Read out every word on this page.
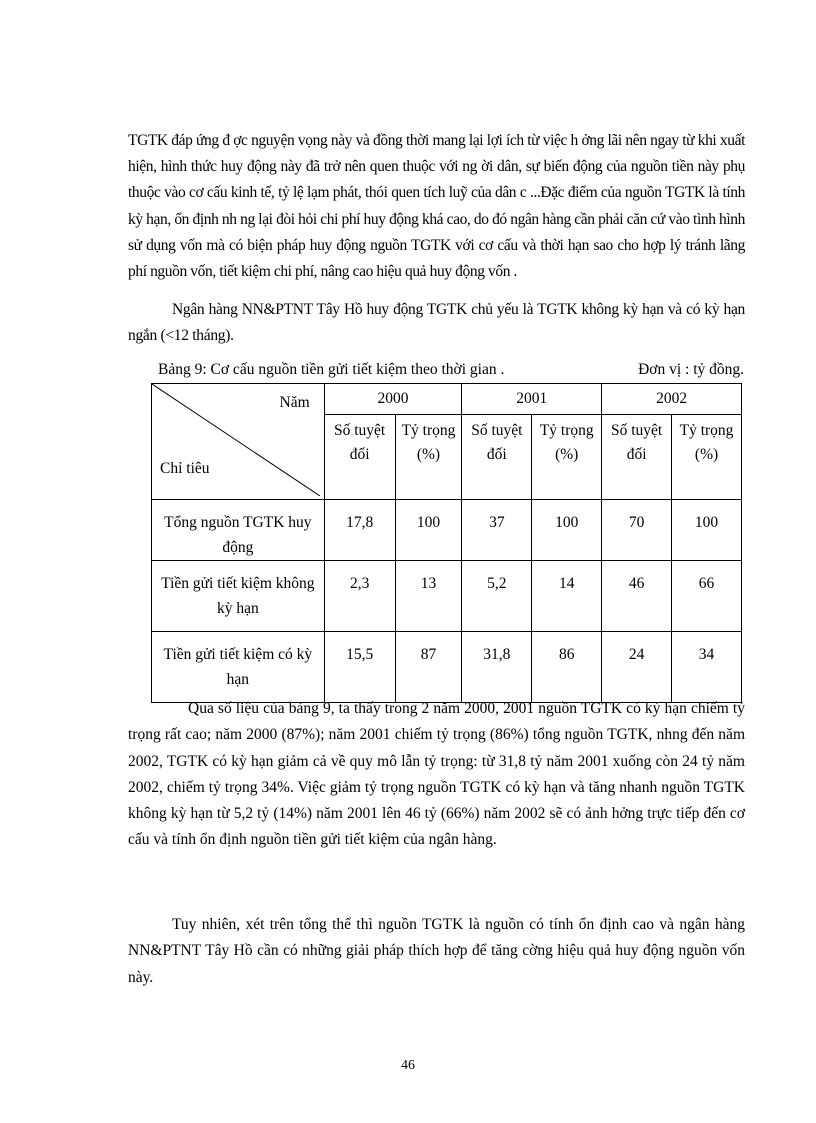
TGTK đáp ứng đ ợc nguyện vọng này và đồng thời mang lại lợi ích từ việc h ởng lãi nên ngay từ khi xuất hiện, hình thức huy động này đã trở nên quen thuộc với ng ời dân, sự biến động của nguồn tiền này phụ thuộc vào cơ cấu kinh tế, tỷ lệ lạm phát, thói quen tích luỹ của dân c ...Đặc điểm của nguồn TGTK là tính kỳ hạn, ổn định nh ng lại đòi hỏi chi phí huy động khá cao, do đó ngân hàng cần phải căn cứ vào tình hình sử dụng vốn mà có biện pháp huy động nguồn TGTK với cơ cấu và thời hạn sao cho hợp lý tránh lãng phí nguồn vốn, tiết kiệm chi phí, nâng cao hiệu quả huy động vốn .

Ngân hàng NN&PTNT Tây Hồ huy động TGTK chủ yếu là TGTK không kỳ hạn và có kỳ hạn ngắn (<12 tháng).

Bảng 9: Cơ cấu nguồn tiền gửi tiết kiệm theo thời gian .	Đơn vị : tỷ đồng.
Năm
Chỉ tiêu	2000		2001		2002	
	Số tuyệt đối	Tỷ trọng (%)	Số tuyệt đối	Tỷ trọng (%)	Số tuyệt đối	Tỷ trọng (%)
Tổng nguồn TGTK huy động	17,8	100	37	100	70	100
Tiền gửi tiết kiệm không kỳ hạn	2,3	13	5,2	14	46	66
Tiền gửi tiết kiệm có kỳ hạn	15,5	87	31,8	86	24	34

Qua số liệu của bảng 9, ta thấy trong 2 năm 2000, 2001 nguồn TGTK có kỳ hạn chiếm tỷ trọng rất cao; năm 2000 (87%); năm 2001 chiếm tỷ trọng (86%) tổng nguồn TGTK, nhng đến năm 2002, TGTK có kỳ hạn giảm cả về quy mô lẫn tỷ trọng: từ 31,8 tỷ năm 2001 xuống còn 24 tỷ năm 2002, chiếm tỷ trọng 34%. Việc giảm tỷ trọng nguồn TGTK có kỳ hạn và tăng nhanh nguồn TGTK không kỳ hạn từ 5,2 tỷ (14%) năm 2001 lên 46 tỷ (66%) năm 2002 sẽ có ảnh hởng trực tiếp đến cơ cấu và tính ổn định nguồn tiền gửi tiết kiệm của ngân hàng.

Tuy nhiên, xét trên tổng thể thì nguồn TGTK là nguồn có tính ổn định cao và ngân hàng NN&PTNT Tây Hồ cần có những giải pháp thích hợp để tăng cờng hiệu quả huy động nguồn vốn này.

46
